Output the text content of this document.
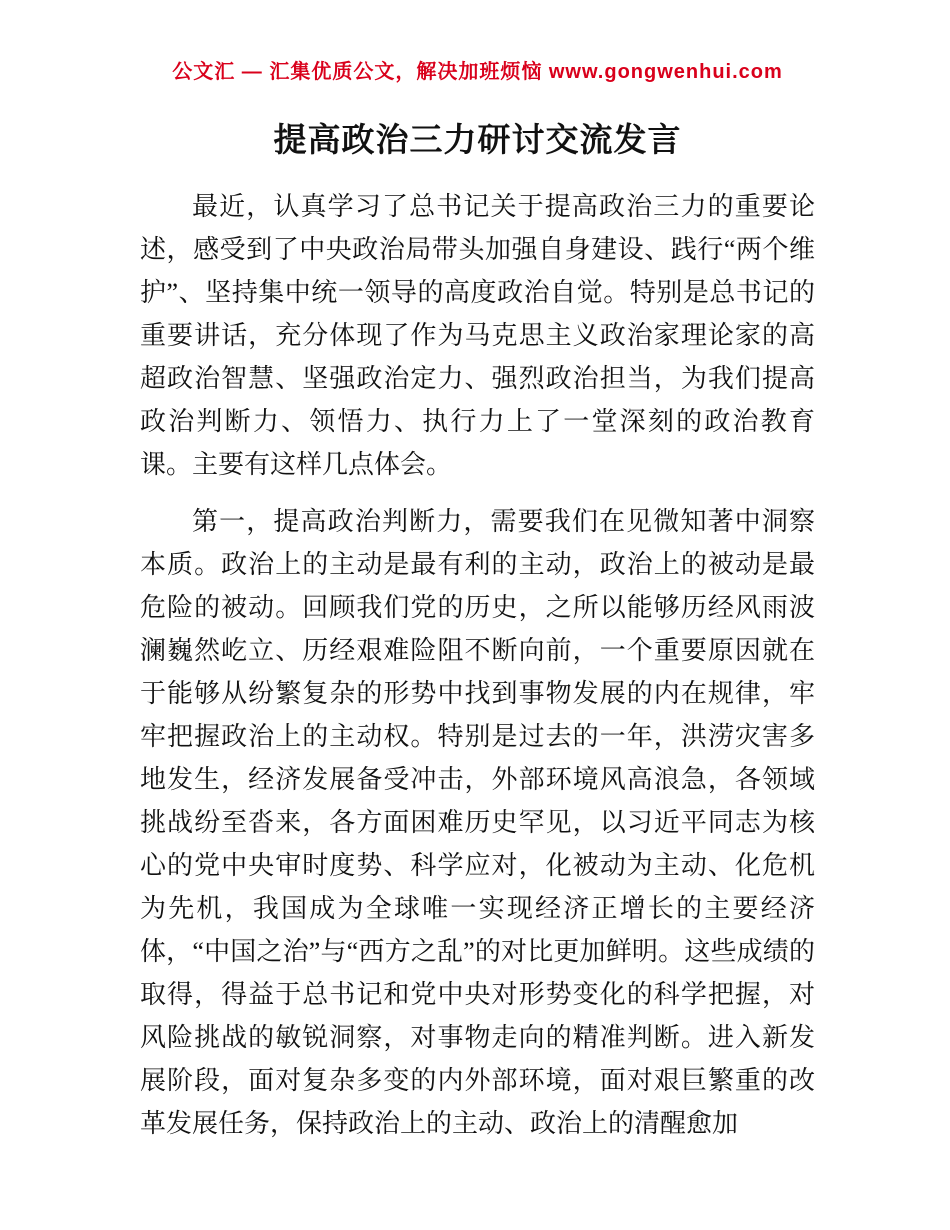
公文汇 — 汇集优质公文，解决加班烦恼 www.gongwenhui.com
提高政治三力研讨交流发言

最近，认真学习了总书记关于提高政治三力的重要论述，感受到了中央政治局带头加强自身建设、践行“两个维护”、坚持集中统一领导的高度政治自觉。特别是总书记的重要讲话，充分体现了作为马克思主义政治家理论家的高超政治智慧、坚强政治定力、强烈政治担当，为我们提高政治判断力、领悟力、执行力上了一堂深刻的政治教育课。主要有这样几点体会。

第一，提高政治判断力，需要我们在见微知著中洞察本质。政治上的主动是最有利的主动，政治上的被动是最危险的被动。回顾我们党的历史，之所以能够历经风雨波澜巍然屹立、历经艰难险阻不断向前，一个重要原因就在于能够从纷繁复杂的形势中找到事物发展的内在规律，牢牢把握政治上的主动权。特别是过去的一年，洪涝灾害多地发生，经济发展备受冲击，外部环境风高浪急，各领域挑战纷至沓来，各方面困难历史罕见，以习近平同志为核心的党中央审时度势、科学应对，化被动为主动、化危机为先机，我国成为全球唯一实现经济正增长的主要经济体，“中国之治”与“西方之乱”的对比更加鲜明。这些成绩的取得，得益于总书记和党中央对形势变化的科学把握，对风险挑战的敏锐洞察，对事物走向的精准判断。进入新发展阶段，面对复杂多变的内外部环境，面对艰巨繁重的改革发展任务，保持政治上的主动、政治上的清醒愈加
